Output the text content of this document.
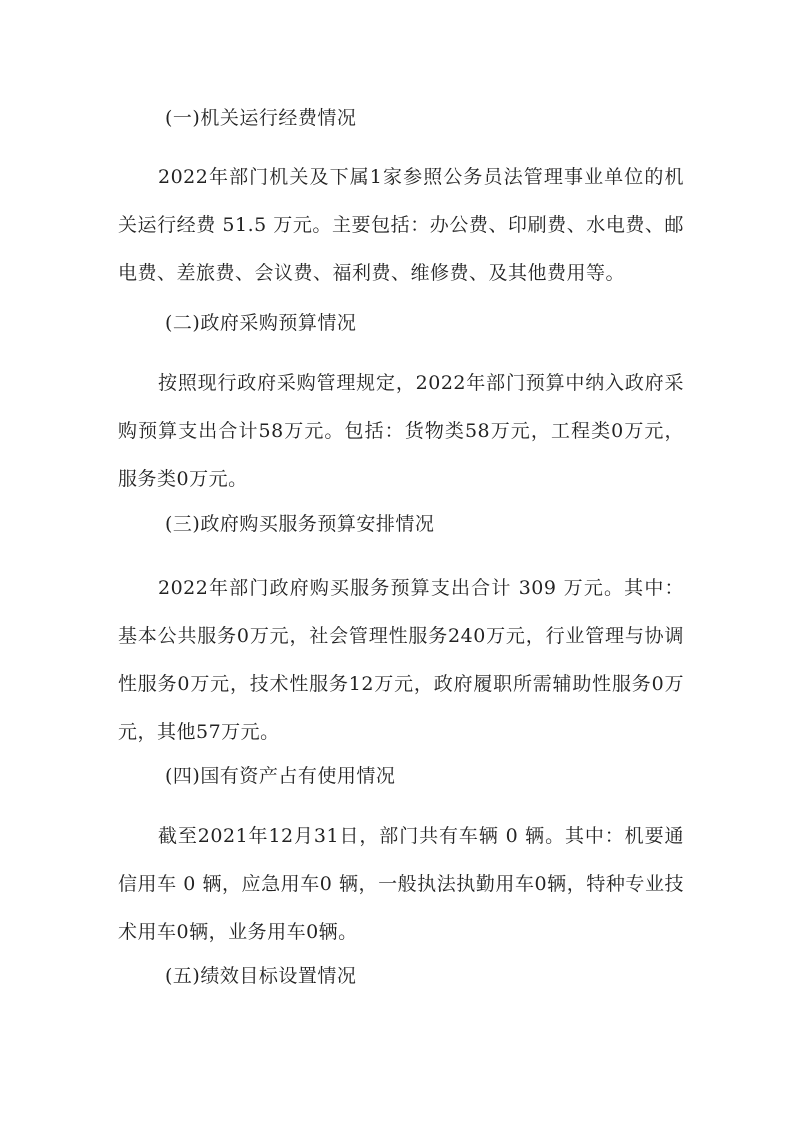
(一)机关运行经费情况
2022年部门机关及下属1家参照公务员法管理事业单位的机关运行经费 51.5 万元。主要包括：办公费、印刷费、水电费、邮电费、差旅费、会议费、福利费、维修费、及其他费用等。
(二)政府采购预算情况
按照现行政府采购管理规定，2022年部门预算中纳入政府采购预算支出合计58万元。包括：货物类58万元，工程类0万元，服务类0万元。
(三)政府购买服务预算安排情况
2022年部门政府购买服务预算支出合计 309 万元。其中：基本公共服务0万元，社会管理性服务240万元，行业管理与协调性服务0万元，技术性服务12万元，政府履职所需辅助性服务0万元，其他57万元。
(四)国有资产占有使用情况
截至2021年12月31日，部门共有车辆 0 辆。其中：机要通信用车 0 辆，应急用车0 辆，一般执法执勤用车0辆，特种专业技术用车0辆，业务用车0辆。
(五)绩效目标设置情况
